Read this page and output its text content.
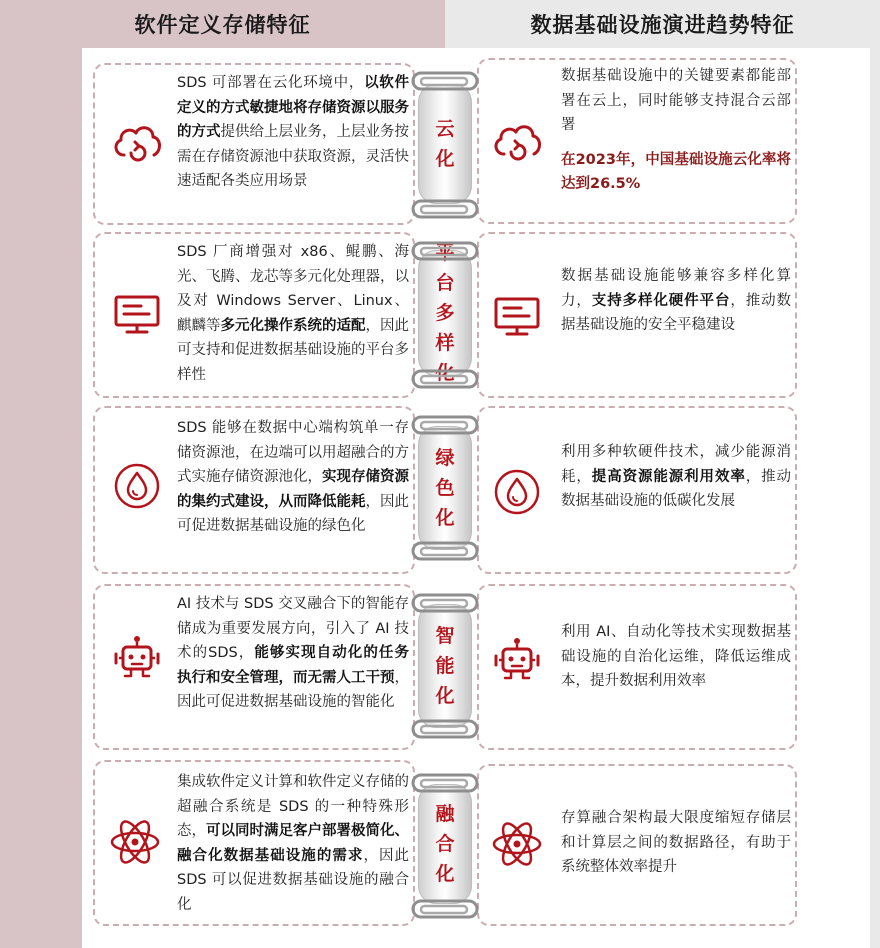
软件定义存储特征	数据基础设施演进趋势特征
SDS 可部署在云化环境中，以软件定义的方式敏捷地将存储资源以服务的方式提供给上层业务，上层业务按需在存储资源池中获取资源，灵活快速适配各类应用场景
数据基础设施中的关键要素都能部署在云上，同时能够支持混合云部署
在2023年，中国基础设施云化率将达到26.5%
云化
SDS 厂商增强对 x86、鲲鹏、海光、飞腾、龙芯等多元化处理器，以及对 Windows Server、Linux、麒麟等多元化操作系统的适配，因此可支持和促进数据基础设施的平台多样性
数据基础设施能够兼容多样化算力，支持多样化硬件平台，推动数据基础设施的安全平稳建设
平台多样化
SDS 能够在数据中心端构筑单一存储资源池，在边端可以用超融合的方式实施存储资源池化，实现存储资源的集约式建设，从而降低能耗，因此可促进数据基础设施的绿色化
利用多种软硬件技术，减少能源消耗，提高资源能源利用效率，推动数据基础设施的低碳化发展
绿色化
AI 技术与 SDS 交叉融合下的智能存储成为重要发展方向，引入了 AI 技术的SDS，能够实现自动化的任务执行和安全管理，而无需人工干预，因此可促进数据基础设施的智能化
利用 AI、自动化等技术实现数据基础设施的自治化运维，降低运维成本，提升数据利用效率
智能化
集成软件定义计算和软件定义存储的超融合系统是 SDS 的一种特殊形态，可以同时满足客户部署极简化、融合化数据基础设施的需求，因此 SDS 可以促进数据基础设施的融合化
存算融合架构最大限度缩短存储层和计算层之间的数据路径，有助于系统整体效率提升
融合化
